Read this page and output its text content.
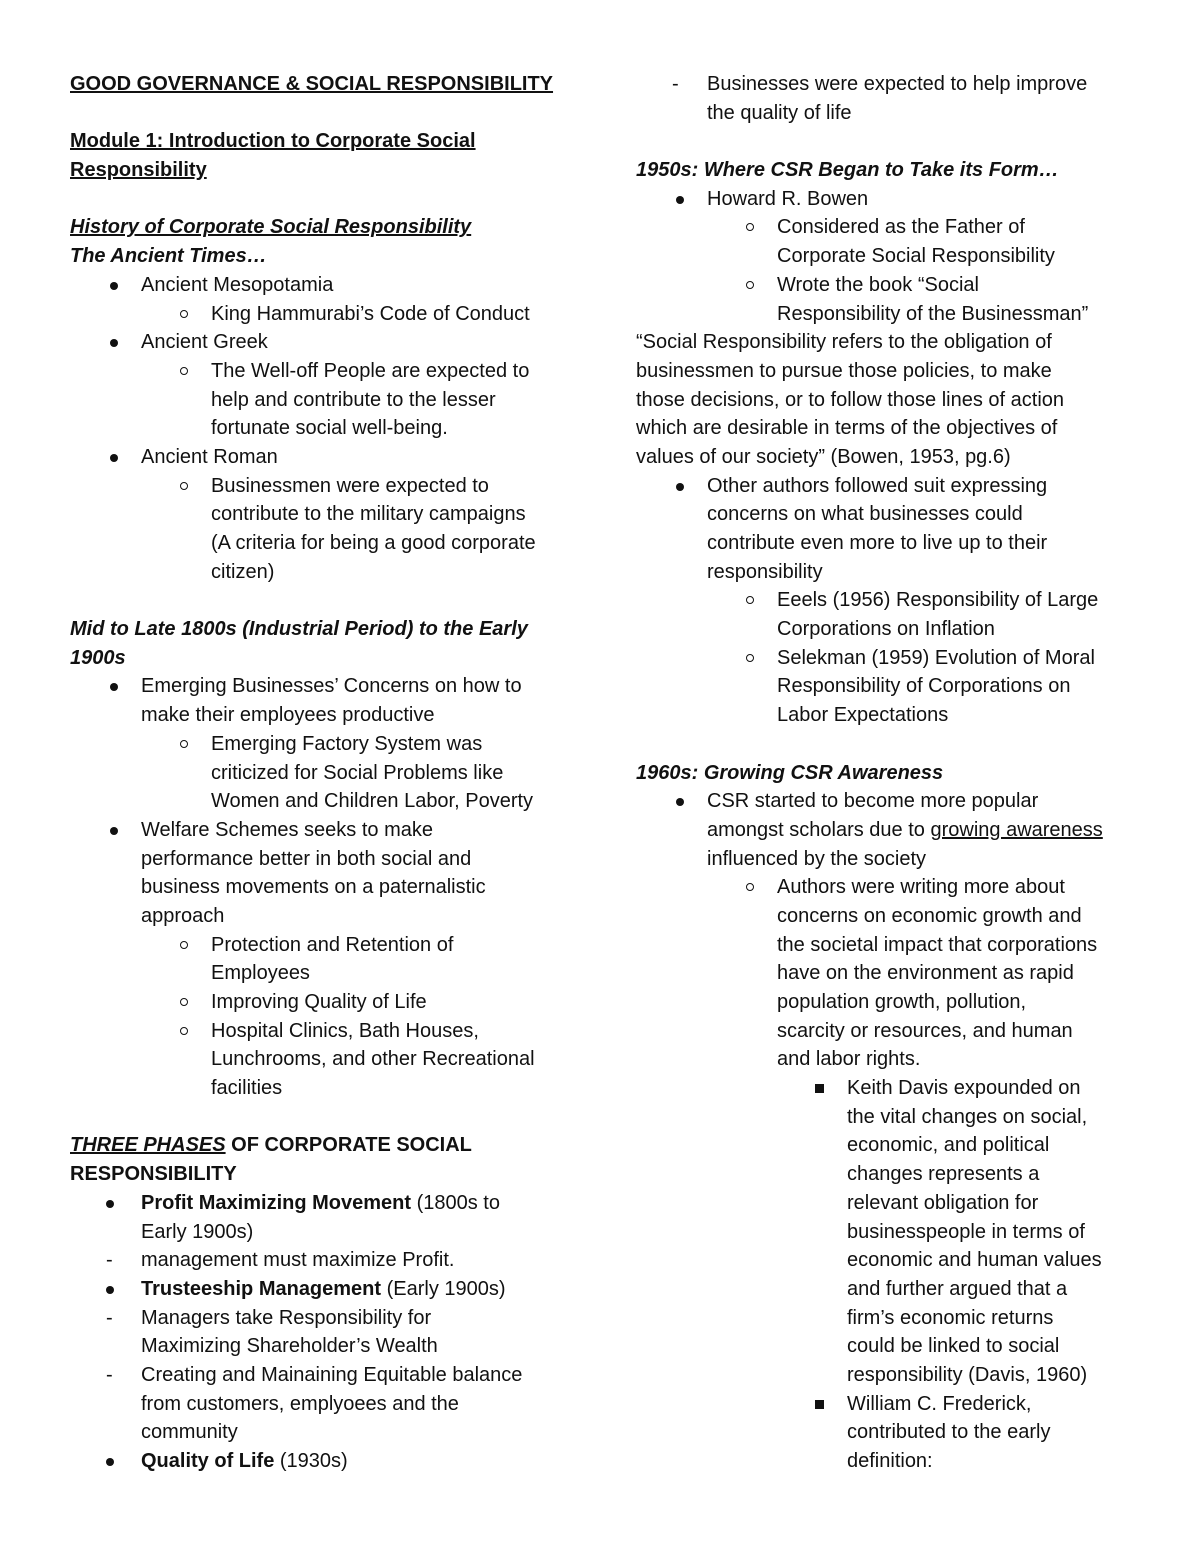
GOOD GOVERNANCE & SOCIAL RESPONSIBILITY
Module 1: Introduction to Corporate Social
Responsibility
History of Corporate Social Responsibility
The Ancient Times…
Ancient Mesopotamia
King Hammurabi’s Code of Conduct
Ancient Greek
The Well-off People are expected to
help and contribute to the lesser
fortunate social well-being.
Ancient Roman
Businessmen were expected to
contribute to the military campaigns
(A criteria for being a good corporate
citizen)
Mid to Late 1800s (Industrial Period) to the Early
1900s
Emerging Businesses’ Concerns on how to
make their employees productive
Emerging Factory System was
criticized for Social Problems like
Women and Children Labor, Poverty
Welfare Schemes seeks to make
performance better in both social and
business movements on a paternalistic
approach
Protection and Retention of
Employees
Improving Quality of Life
Hospital Clinics, Bath Houses,
Lunchrooms, and other Recreational
facilities
THREE PHASES OF CORPORATE SOCIAL
RESPONSIBILITY
Profit Maximizing Movement (1800s to
Early 1900s)
- management must maximize Profit.
Trusteeship Management (Early 1900s)
- Managers take Responsibility for
Maximizing Shareholder’s Wealth
- Creating and Mainaining Equitable balance
from customers, emplyoees and the
community
Quality of Life (1930s)
- Businesses were expected to help improve
the quality of life
1950s: Where CSR Began to Take its Form…
Howard R. Bowen
Considered as the Father of
Corporate Social Responsibility
Wrote the book “Social
Responsibility of the Businessman”
“Social Responsibility refers to the obligation of
businessmen to pursue those policies, to make
those decisions, or to follow those lines of action
which are desirable in terms of the objectives of
values of our society” (Bowen, 1953, pg.6)
Other authors followed suit expressing
concerns on what businesses could
contribute even more to live up to their
responsibility
Eeels (1956) Responsibility of Large
Corporations on Inflation
Selekman (1959) Evolution of Moral
Responsibility of Corporations on
Labor Expectations
1960s: Growing CSR Awareness
CSR started to become more popular
amongst scholars due to growing awareness
influenced by the society
Authors were writing more about
concerns on economic growth and
the societal impact that corporations
have on the environment as rapid
population growth, pollution,
scarcity or resources, and human
and labor rights.
Keith Davis expounded on
the vital changes on social,
economic, and political
changes represents a
relevant obligation for
businesspeople in terms of
economic and human values
and further argued that a
firm’s economic returns
could be linked to social
responsibility (Davis, 1960)
William C. Frederick,
contributed to the early
definition:
